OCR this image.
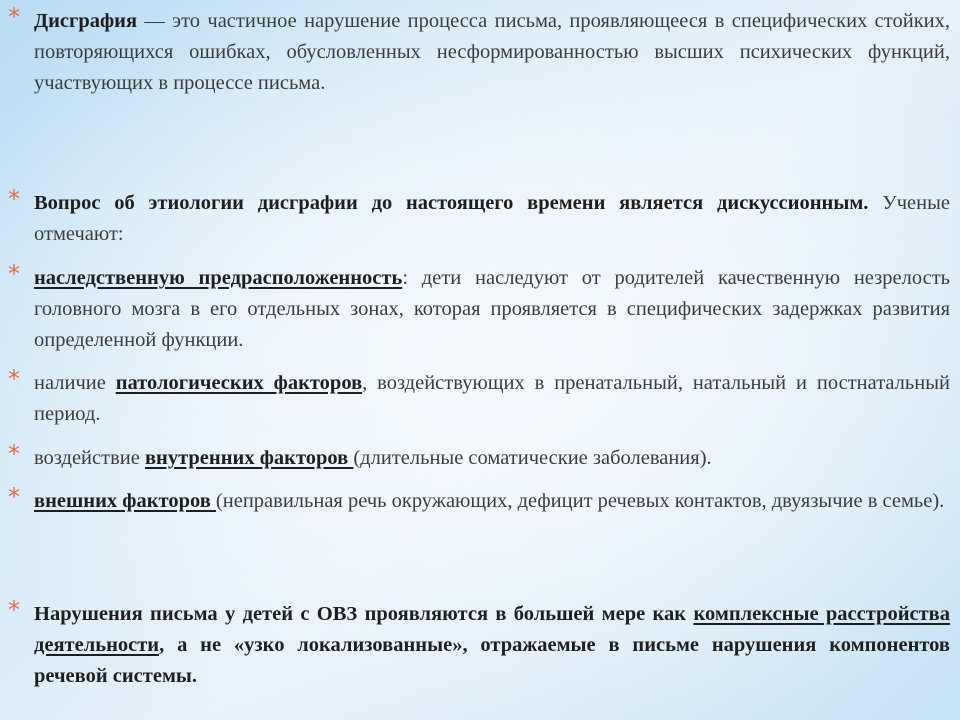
* Дисграфия — это частичное нарушение процесса письма, проявляющееся в специфических стойких, повторяющихся ошибках, обусловленных несформированностью высших психических функций, участвующих в процессе письма.
* Вопрос об этиологии дисграфии до настоящего времени является дискуссионным. Ученые отмечают:
* наследственную предрасположенность: дети наследуют от родителей качественную незрелость головного мозга в его отдельных зонах, которая проявляется в специфических задержках развития определенной функции.
* наличие патологических факторов, воздействующих в пренатальный, натальный и постнатальный период.
* воздействие внутренних факторов (длительные соматические заболевания).
* внешних факторов (неправильная речь окружающих, дефицит речевых контактов, двуязычие в семье).
* Нарушения письма у детей с ОВЗ проявляются в большей мере как комплексные расстройства деятельности, а не «узко локализованные», отражаемые в письме нарушения компонентов речевой системы.
